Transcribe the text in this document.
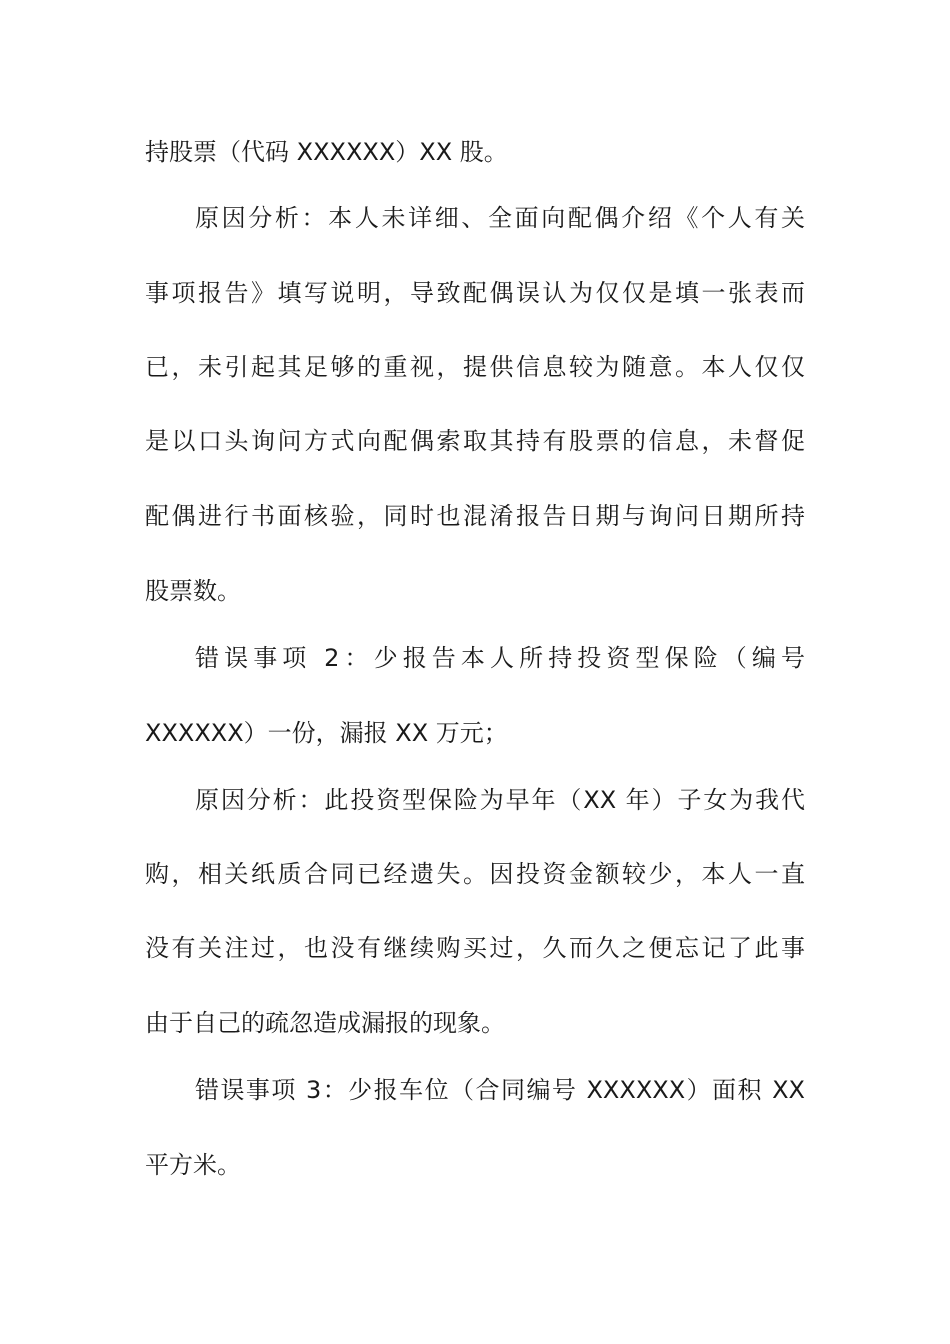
持股票（代码 XXXXXX）XX 股。
原因分析：本人未详细、全面向配偶介绍《个人有关
事项报告》填写说明，导致配偶误认为仅仅是填一张表而
已，未引起其足够的重视，提供信息较为随意。本人仅仅
是以口头询问方式向配偶索取其持有股票的信息，未督促
配偶进行书面核验，同时也混淆报告日期与询问日期所持
股票数。
错误事项 2：少报告本人所持投资型保险（编号
XXXXXX）一份，漏报 XX 万元；
原因分析：此投资型保险为早年（XX 年）子女为我代
购，相关纸质合同已经遗失。因投资金额较少，本人一直
没有关注过，也没有继续购买过，久而久之便忘记了此事
由于自己的疏忽造成漏报的现象。
错误事项 3：少报车位（合同编号 XXXXXX）面积 XX
平方米。
